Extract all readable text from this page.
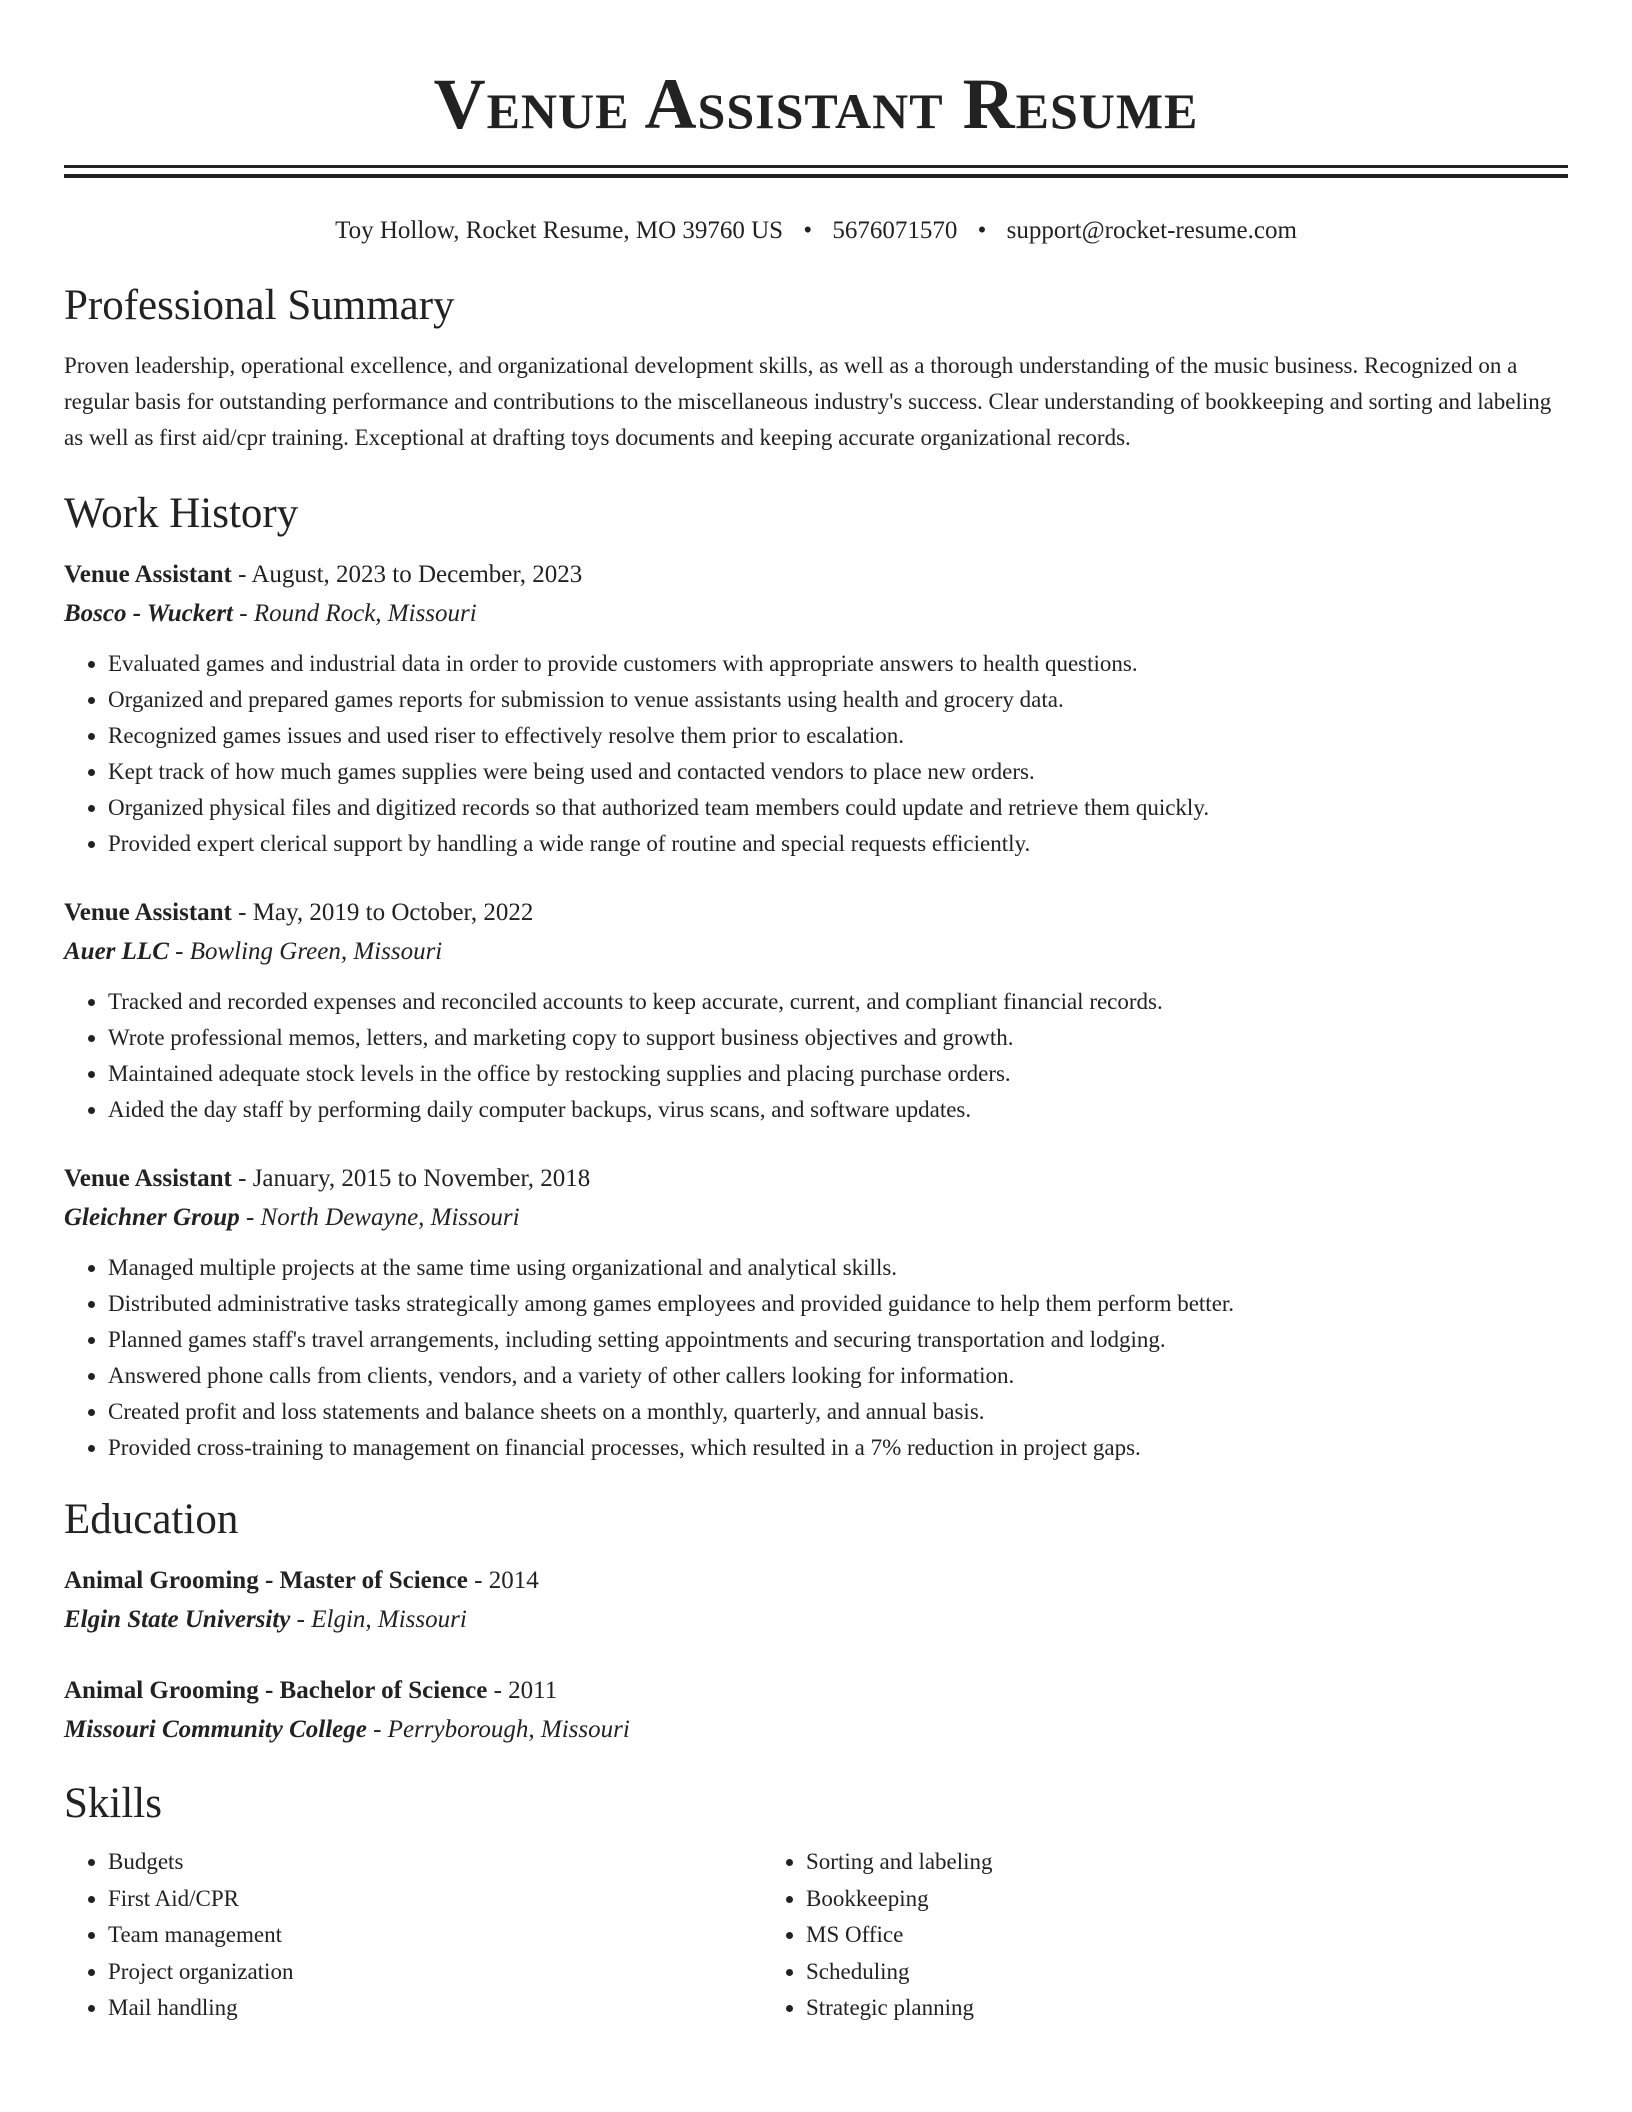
Venue Assistant Resume
Toy Hollow, Rocket Resume, MO 39760 US • 5676071570 • support@rocket-resume.com
Professional Summary

Proven leadership, operational excellence, and organizational development skills, as well as a thorough understanding of the music business. Recognized on a regular basis for outstanding performance and contributions to the miscellaneous industry's success. Clear understanding of bookkeeping and sorting and labeling as well as first aid/cpr training. Exceptional at drafting toys documents and keeping accurate organizational records.

Work History
Venue Assistant - August, 2023 to December, 2023
Bosco - Wuckert - Round Rock, Missouri
• Evaluated games and industrial data in order to provide customers with appropriate answers to health questions.
• Organized and prepared games reports for submission to venue assistants using health and grocery data.
• Recognized games issues and used riser to effectively resolve them prior to escalation.
• Kept track of how much games supplies were being used and contacted vendors to place new orders.
• Organized physical files and digitized records so that authorized team members could update and retrieve them quickly.
• Provided expert clerical support by handling a wide range of routine and special requests efficiently.
Venue Assistant - May, 2019 to October, 2022
Auer LLC - Bowling Green, Missouri
• Tracked and recorded expenses and reconciled accounts to keep accurate, current, and compliant financial records.
• Wrote professional memos, letters, and marketing copy to support business objectives and growth.
• Maintained adequate stock levels in the office by restocking supplies and placing purchase orders.
• Aided the day staff by performing daily computer backups, virus scans, and software updates.
Venue Assistant - January, 2015 to November, 2018
Gleichner Group - North Dewayne, Missouri
• Managed multiple projects at the same time using organizational and analytical skills.
• Distributed administrative tasks strategically among games employees and provided guidance to help them perform better.
• Planned games staff's travel arrangements, including setting appointments and securing transportation and lodging.
• Answered phone calls from clients, vendors, and a variety of other callers looking for information.
• Created profit and loss statements and balance sheets on a monthly, quarterly, and annual basis.
• Provided cross-training to management on financial processes, which resulted in a 7% reduction in project gaps.
Education
Animal Grooming - Master of Science - 2014
Elgin State University - Elgin, Missouri
Animal Grooming - Bachelor of Science - 2011
Missouri Community College - Perryborough, Missouri
Skills
• Budgets
• First Aid/CPR
• Team management
• Project organization
• Mail handling
• Sorting and labeling
• Bookkeeping
• MS Office
• Scheduling
• Strategic planning
